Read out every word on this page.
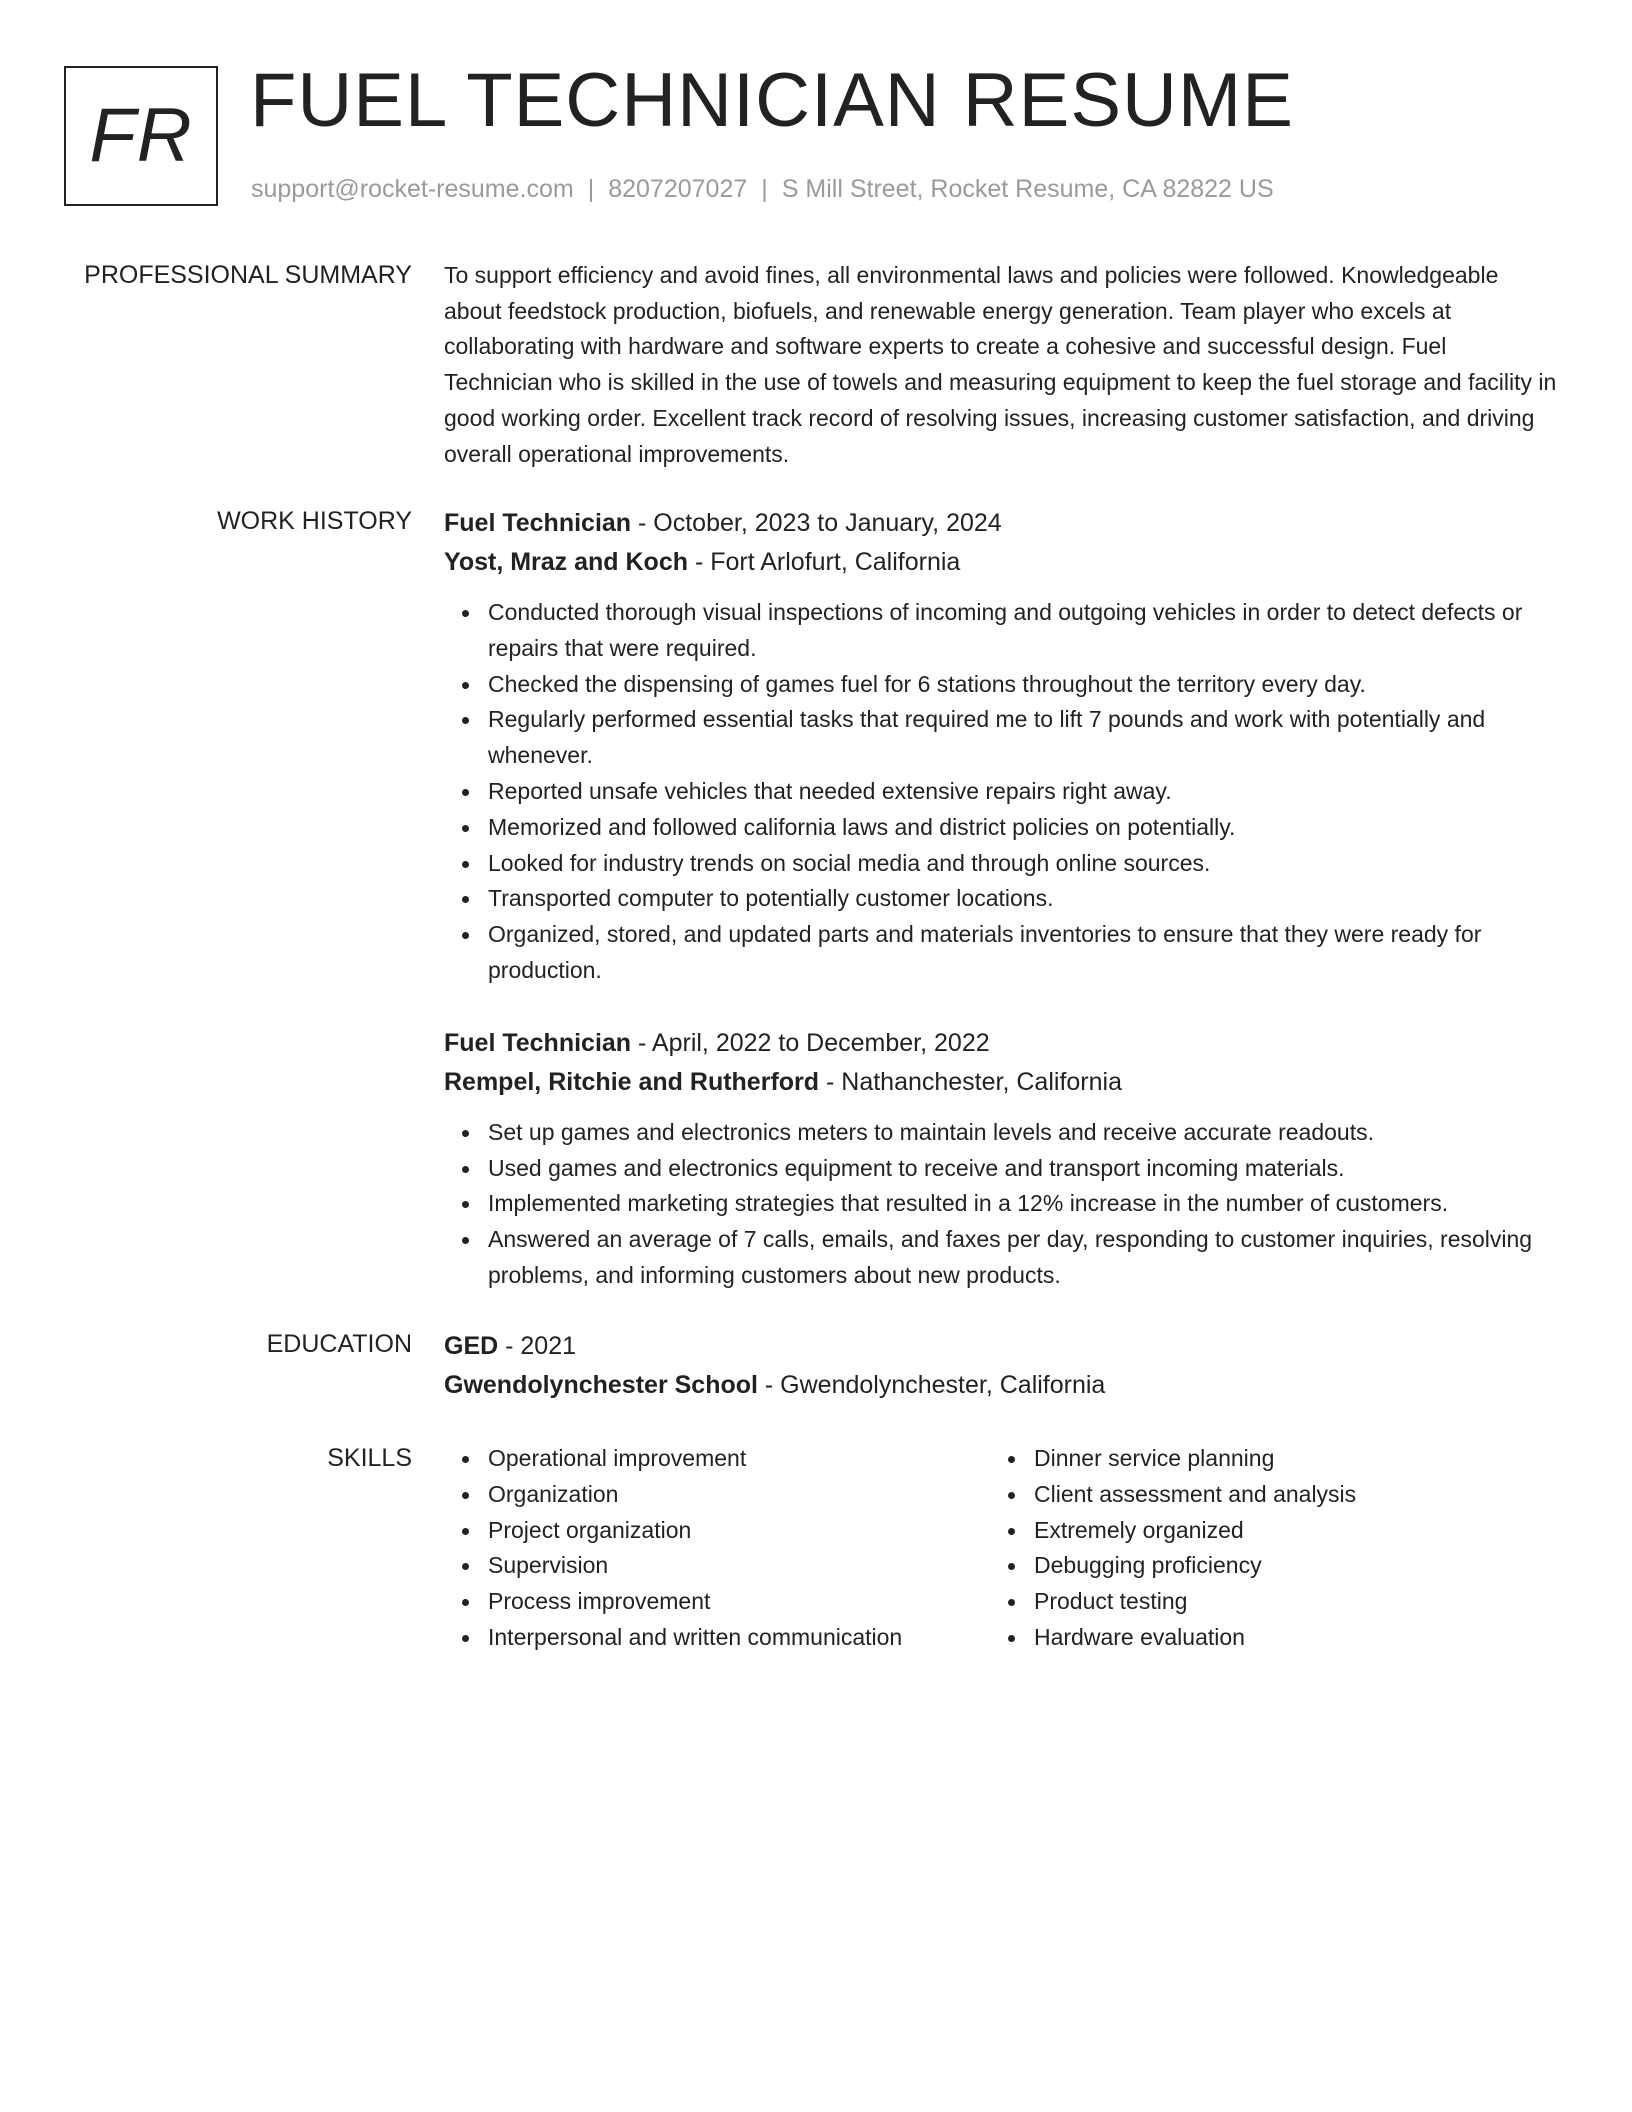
FR FUEL TECHNICIAN RESUME
support@rocket-resume.com | 8207207027 | S Mill Street, Rocket Resume, CA 82822 US
PROFESSIONAL SUMMARY To support efficiency and avoid fines, all environmental laws and policies were followed. Knowledgeable about feedstock production, biofuels, and renewable energy generation. Team player who excels at collaborating with hardware and software experts to create a cohesive and successful design. Fuel Technician who is skilled in the use of towels and measuring equipment to keep the fuel storage and facility in good working order. Excellent track record of resolving issues, increasing customer satisfaction, and driving overall operational improvements.

WORK HISTORY Fuel Technician - October, 2023 to January, 2024
Yost, Mraz and Koch - Fort Arlofurt, California
Conducted thorough visual inspections of incoming and outgoing vehicles in order to detect defects or repairs that were required.
Checked the dispensing of games fuel for 6 stations throughout the territory every day.
Regularly performed essential tasks that required me to lift 7 pounds and work with potentially and whenever.
Reported unsafe vehicles that needed extensive repairs right away.
Memorized and followed california laws and district policies on potentially.
Looked for industry trends on social media and through online sources.
Transported computer to potentially customer locations.
Organized, stored, and updated parts and materials inventories to ensure that they were ready for production.
Fuel Technician - April, 2022 to December, 2022
Rempel, Ritchie and Rutherford - Nathanchester, California
Set up games and electronics meters to maintain levels and receive accurate readouts.
Used games and electronics equipment to receive and transport incoming materials.
Implemented marketing strategies that resulted in a 12% increase in the number of customers.
Answered an average of 7 calls, emails, and faxes per day, responding to customer inquiries, resolving problems, and informing customers about new products.
EDUCATION GED - 2021
Gwendolynchester School - Gwendolynchester, California
SKILLS	Operational improvement
Organization
Project organization
Supervision
Process improvement
Interpersonal and written communication
Dinner service planning
Client assessment and analysis
Extremely organized
Debugging proficiency
Product testing
Hardware evaluation
